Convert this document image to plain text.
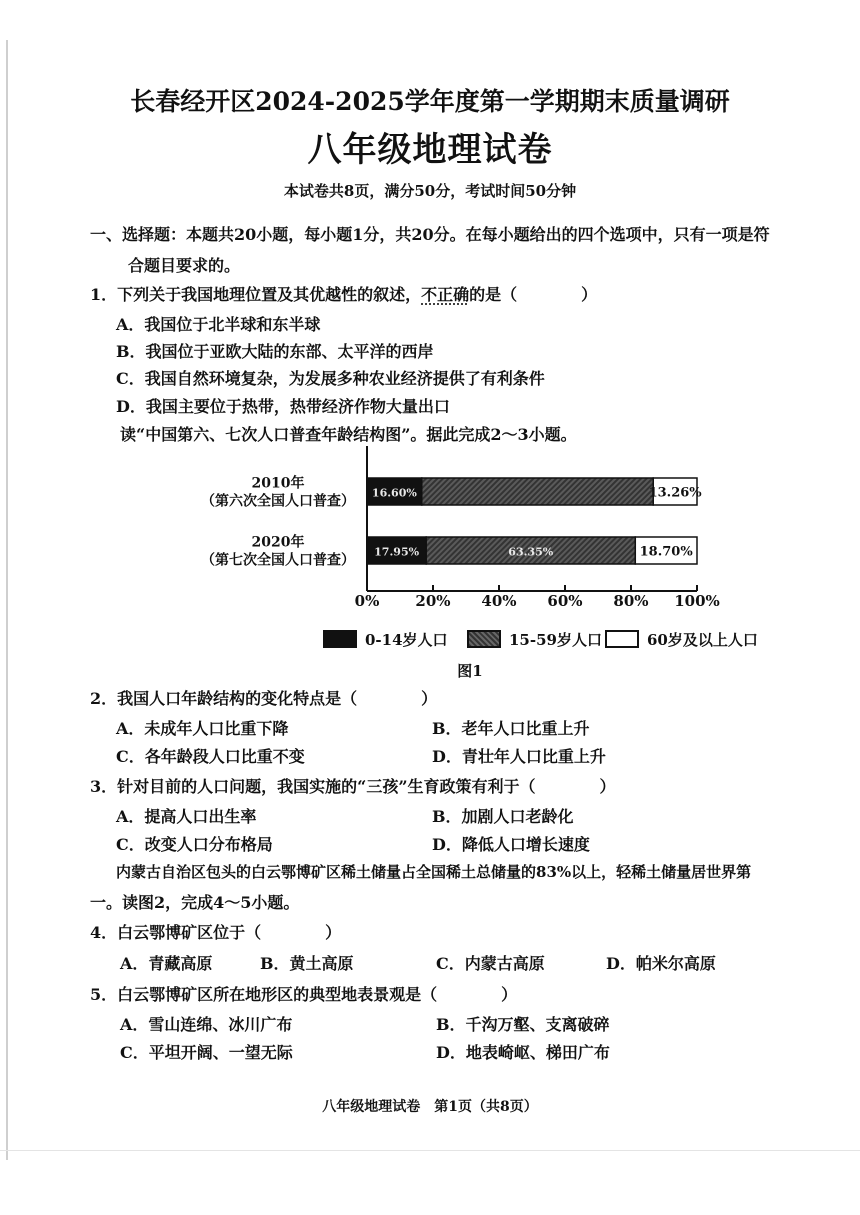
长春经开区2024-2025学年度第一学期期末质量调研
八年级地理试卷
本试卷共8页，满分50分，考试时间50分钟
一、选择题：本题共20小题，每小题1分，共20分。在每小题给出的四个选项中，只有一项是符
合题目要求的。
1．下列关于我国地理位置及其优越性的叙述，不正确的是（　　　　）
A．我国位于北半球和东半球
B．我国位于亚欧大陆的东部、太平洋的西岸
C．我国自然环境复杂，为发展多种农业经济提供了有利条件
D．我国主要位于热带，热带经济作物大量出口
读“中国第六、七次人口普查年龄结构图”。据此完成2～3小题。
0% 20% 40% 60% 80% 100%
2010年
（第六次全国人口普查）
2020年
（第七次全国人口普查）
16.60%	13.26%
17.95%	63.35%	18.70%
0-14岁人口	15-59岁人口	60岁及以上人口
图1
2．我国人口年龄结构的变化特点是（　　　　）
A．未成年人口比重下降	B．老年人口比重上升
C．各年龄段人口比重不变	D．青壮年人口比重上升
3．针对目前的人口问题，我国实施的“三孩”生育政策有利于（　　　　）
A．提高人口出生率	B．加剧人口老龄化
C．改变人口分布格局	D．降低人口增长速度
内蒙古自治区包头的白云鄂博矿区稀土储量占全国稀土总储量的83%以上，轻稀土储量居世界第
一。读图2，完成4～5小题。
4．白云鄂博矿区位于（　　　　）
A．青藏高原	B．黄土高原	C．内蒙古高原	D．帕米尔高原
5．白云鄂博矿区所在地形区的典型地表景观是（　　　　）
A．雪山连绵、冰川广布	B．千沟万壑、支离破碎
C．平坦开阔、一望无际	D．地表崎岖、梯田广布
八年级地理试卷　第1页（共8页）
